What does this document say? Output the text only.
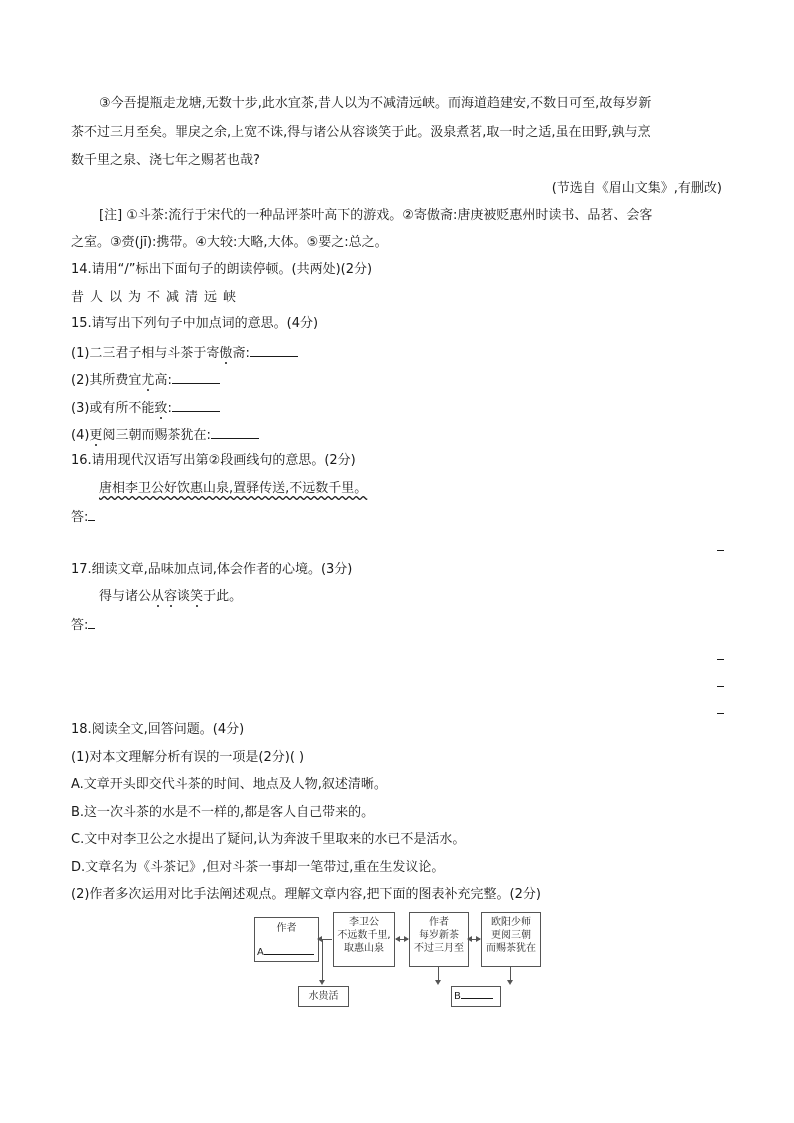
③今吾提瓶走龙塘,无数十步,此水宜茶,昔人以为不减清远峡。而海道趋建安,不数日可至,故每岁新
茶不过三月至矣。罪戾之余,上宽不诛,得与诸公从容谈笑于此。汲泉煮茗,取一时之适,虽在田野,孰与烹
数千里之泉、浇七年之赐茗也哉?
(节选自《眉山文集》,有删改)
[注] ①斗茶:流行于宋代的一种品评茶叶高下的游戏。②寄傲斋:唐庚被贬惠州时读书、品茗、会客
之室。③赍(jī):携带。④大较:大略,大体。⑤要之:总之。
14.请用“/”标出下面句子的朗读停顿。(共两处)(2分)
昔人以为不减清远峡
15.请写出下列句子中加点词的意思。(4分)
(1)二三君子相与斗茶于寄傲斋:
(2)其所费宜尤高:
(3)或有所不能致:
(4)更阅三朝而赐茶犹在:
16.请用现代汉语写出第②段画线句的意思。(2分)
唐相李卫公好饮惠山泉,置驿传送,不远数千里。
答:
17.细读文章,品味加点词,体会作者的心境。(3分)
得与诸公从容谈笑于此。
答:
18.阅读全文,回答问题。(4分)
(1)对本文理解分析有误的一项是(2分)( )
A.文章开头即交代斗茶的时间、地点及人物,叙述清晰。
B.这一次斗茶的水是不一样的,都是客人自己带来的。
C.文中对李卫公之水提出了疑问,认为奔波千里取来的水已不是活水。
D.文章名为《斗茶记》,但对斗茶一事却一笔带过,重在生发议论。
(2)作者多次运用对比手法阐述观点。理解文章内容,把下面的图表补充完整。(2分)
作者
A
李卫公
不远数千里,
取惠山泉
作者
每岁新茶
不过三月至
欧阳少师
更阅三朝
而赐茶犹在
水贵活	B
